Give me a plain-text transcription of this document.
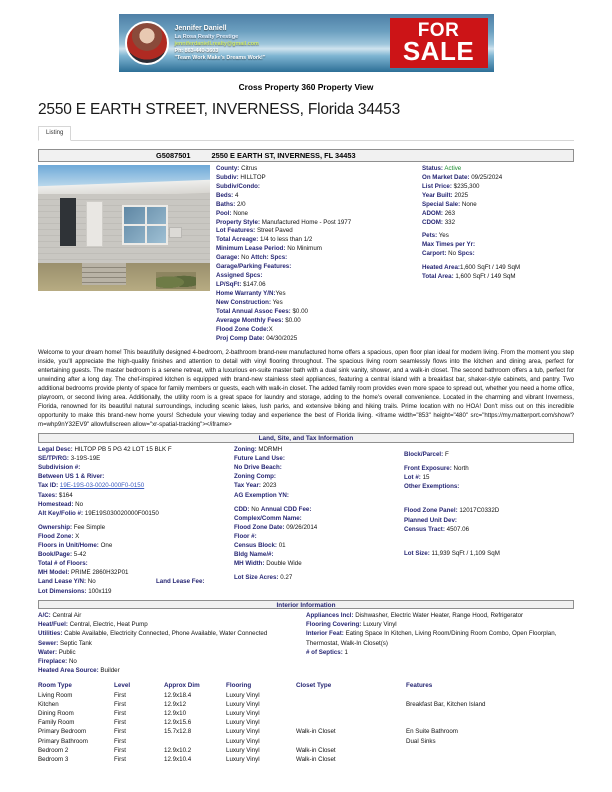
Jennifer Daniell
La Rosa Realty Prestige
jenniferdaniell.realty@gmail.com
Ph: 863-440-3603
"Team Work Make's Dreams Work!"
FOR
SALE
Cross Property 360 Property View
2550 E EARTH STREET, INVERNESS, Florida 34453
Listing
G5087501	2550 E EARTH ST, INVERNESS, FL 34453
County: Citrus
Subdiv: HILLTOP
Subdiv/Condo:
Beds: 4
Baths: 2/0
Pool: None
Property Style: Manufactured Home - Post 1977
Lot Features: Street Paved
Total Acreage: 1/4 to less than 1/2
Minimum Lease Period: No Minimum
Garage: No Attch: Spcs:
Garage/Parking Features:
Assigned Spcs:
LP/SqFt: $147.06
Home Warranty Y/N:Yes
New Construction: Yes
Total Annual Assoc Fees: $0.00
Average Monthly Fees: $0.00
Flood Zone Code:X
Proj Comp Date: 04/30/2025
Status: Active
On Market Date: 09/25/2024
List Price: $235,300
Year Built: 2025
Special Sale: None
ADOM: 263
CDOM: 332
Pets: Yes
Max Times per Yr:
Carport: No Spcs:
Heated Area:1,600 SqFt / 149 SqM
Total Area: 1,600 SqFt / 149 SqM
Welcome to your dream home! This beautifully designed 4-bedroom, 2-bathroom brand-new manufactured home offers a spacious, open floor plan ideal for modern living. From the moment you step inside, you'll appreciate the high-quality finishes and attention to detail with vinyl flooring throughout. The spacious living room seamlessly flows into the kitchen and dining area, perfect for entertaining guests. The master bedroom is a serene retreat, with a luxurious en-suite master bath with a dual sink vanity, shower, and a walk-in closet. The second bathroom offers a tub, perfect for unwinding after a long day. The chef-inspired kitchen is equipped with brand-new stainless steel appliances, featuring a central island with a breakfast bar, shaker-style cabinets, and pantry. Two additional bedrooms provide plenty of space for family members or guests, each with walk-in closet. The added family room provides even more space to spread out, whether you need a home office, playroom, or second living area. Additionally, the utility room is a great space for laundry and storage, adding to the home's overall convenience. Located in the charming and vibrant Inverness, Florida, renowned for its beautiful natural surroundings, including scenic lakes, lush parks, and extensive biking and hiking trails. Prime location with no HOA! Don't miss out on this incredible opportunity to make this brand-new home yours! Schedule your viewing today and experience the best of Florida living. <iframe width="853" height="480" src="https://my.matterport.com/show/?m=whp9nY32EV9" allowfullscreen allow="xr-spatial-tracking"></iframe>
Land, Site, and Tax Information
Legal Desc: HILTOP PB 5 PG 42 LOT 15 BLK F
SE/TP/RG: 3-19S-19E
Subdivision #:
Between US 1 & River:
Tax ID: 19E-19S-03-0020-000F0-0150
Taxes: $164
Homestead: No
Alt Key/Folio #: 19E19S030020000F00150
Ownership: Fee Simple
Flood Zone: X
Floors in Unit/Home: One
Book/Page: 5-42
Total # of Floors:
MH Model: PRIME 2860H32P01
Land Lease Y/N: No	Land Lease Fee:
Lot Dimensions: 100x119
Zoning: MDRMH
Future Land Use:
No Drive Beach:
Zoning Comp:
Tax Year: 2023
AG Exemption YN:
CDD: No Annual CDD Fee:
Complex/Comm Name:
Flood Zone Date: 09/26/2014
Floor #:
Census Block: 01
Bldg Name/#:
MH Width: Double Wide
Lot Size Acres: 0.27
Block/Parcel: F
Front Exposure: North
Lot #: 15
Other Exemptions:
Flood Zone Panel: 12017C0332D
Planned Unit Dev:
Census Tract: 4507.06
Lot Size: 11,939 SqFt / 1,109 SqM
Interior Information
A/C: Central Air
Heat/Fuel: Central, Electric, Heat Pump
Utilities: Cable Available, Electricity Connected, Phone Available, Water Connected
Sewer: Septic Tank
Water: Public
Fireplace: No
Heated Area Source: Builder
Appliances Incl: Dishwasher, Electric Water Heater, Range Hood, Refrigerator
Flooring Covering: Luxury Vinyl
Interior Feat: Eating Space In Kitchen, Living Room/Dining Room Combo, Open Floorplan, Thermostat, Walk-In Closet(s)
# of Septics: 1
Room Type	Level	Approx Dim	Flooring	Closet Type	Features
Living Room	First	12.9x18.4	Luxury Vinyl		
Kitchen	First	12.9x12	Luxury Vinyl		Breakfast Bar, Kitchen Island
Dining Room	First	12.9x10	Luxury Vinyl		
Family Room	First	12.9x15.6	Luxury Vinyl		
Primary Bedroom	First	15.7x12.8	Luxury Vinyl	Walk-in Closet	En Suite Bathroom
Primary Bathroom	First		Luxury Vinyl		Dual Sinks
Bedroom 2	First	12.9x10.2	Luxury Vinyl	Walk-in Closet	
Bedroom 3	First	12.9x10.4	Luxury Vinyl	Walk-in Closet	
